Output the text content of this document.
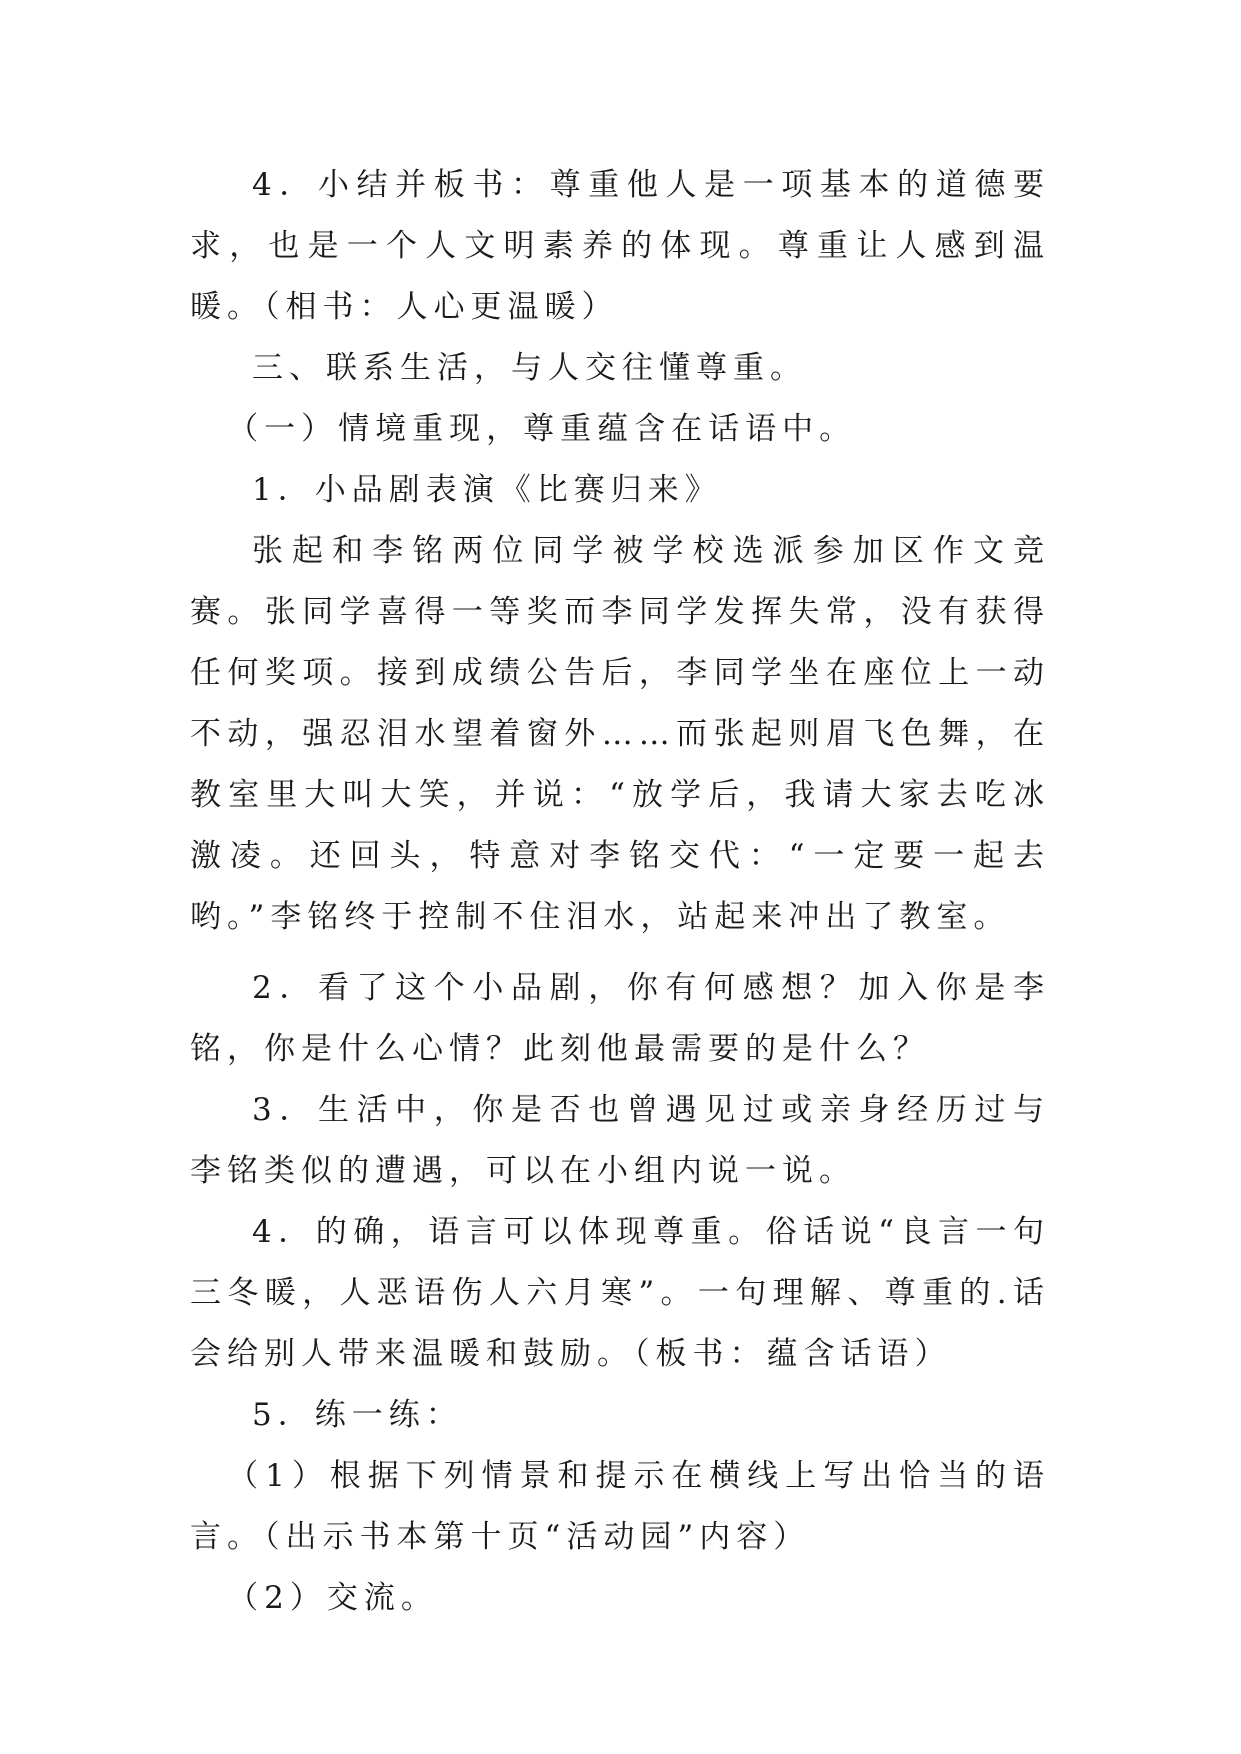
4．小结并板书：尊重他人是一项基本的道德要求，也是一个人文明素养的体现。尊重让人感到温暖。（相书：人心更温暖）

三、联系生活，与人交往懂尊重。

（一）情境重现，尊重蕴含在话语中。

1．小品剧表演《比赛归来》

张起和李铭两位同学被学校选派参加区作文竞赛。张同学喜得一等奖而李同学发挥失常，没有获得任何奖项。接到成绩公告后，李同学坐在座位上一动不动，强忍泪水望着窗外……而张起则眉飞色舞，在教室里大叫大笑，并说：“放学后，我请大家去吃冰激凌。还回头，特意对李铭交代：“一定要一起去哟。”李铭终于控制不住泪水，站起来冲出了教室。

2．看了这个小品剧，你有何感想？加入你是李铭，你是什么心情？此刻他最需要的是什么？

3．生活中，你是否也曾遇见过或亲身经历过与李铭类似的遭遇，可以在小组内说一说。

4．的确，语言可以体现尊重。俗话说“良言一句三冬暖，人恶语伤人六月寒”。一句理解、尊重的.话会给别人带来温暖和鼓励。（板书：蕴含话语）

5．练一练：

（1）根据下列情景和提示在横线上写出恰当的语言。（出示书本第十页“活动园”内容）

（2）交流。
